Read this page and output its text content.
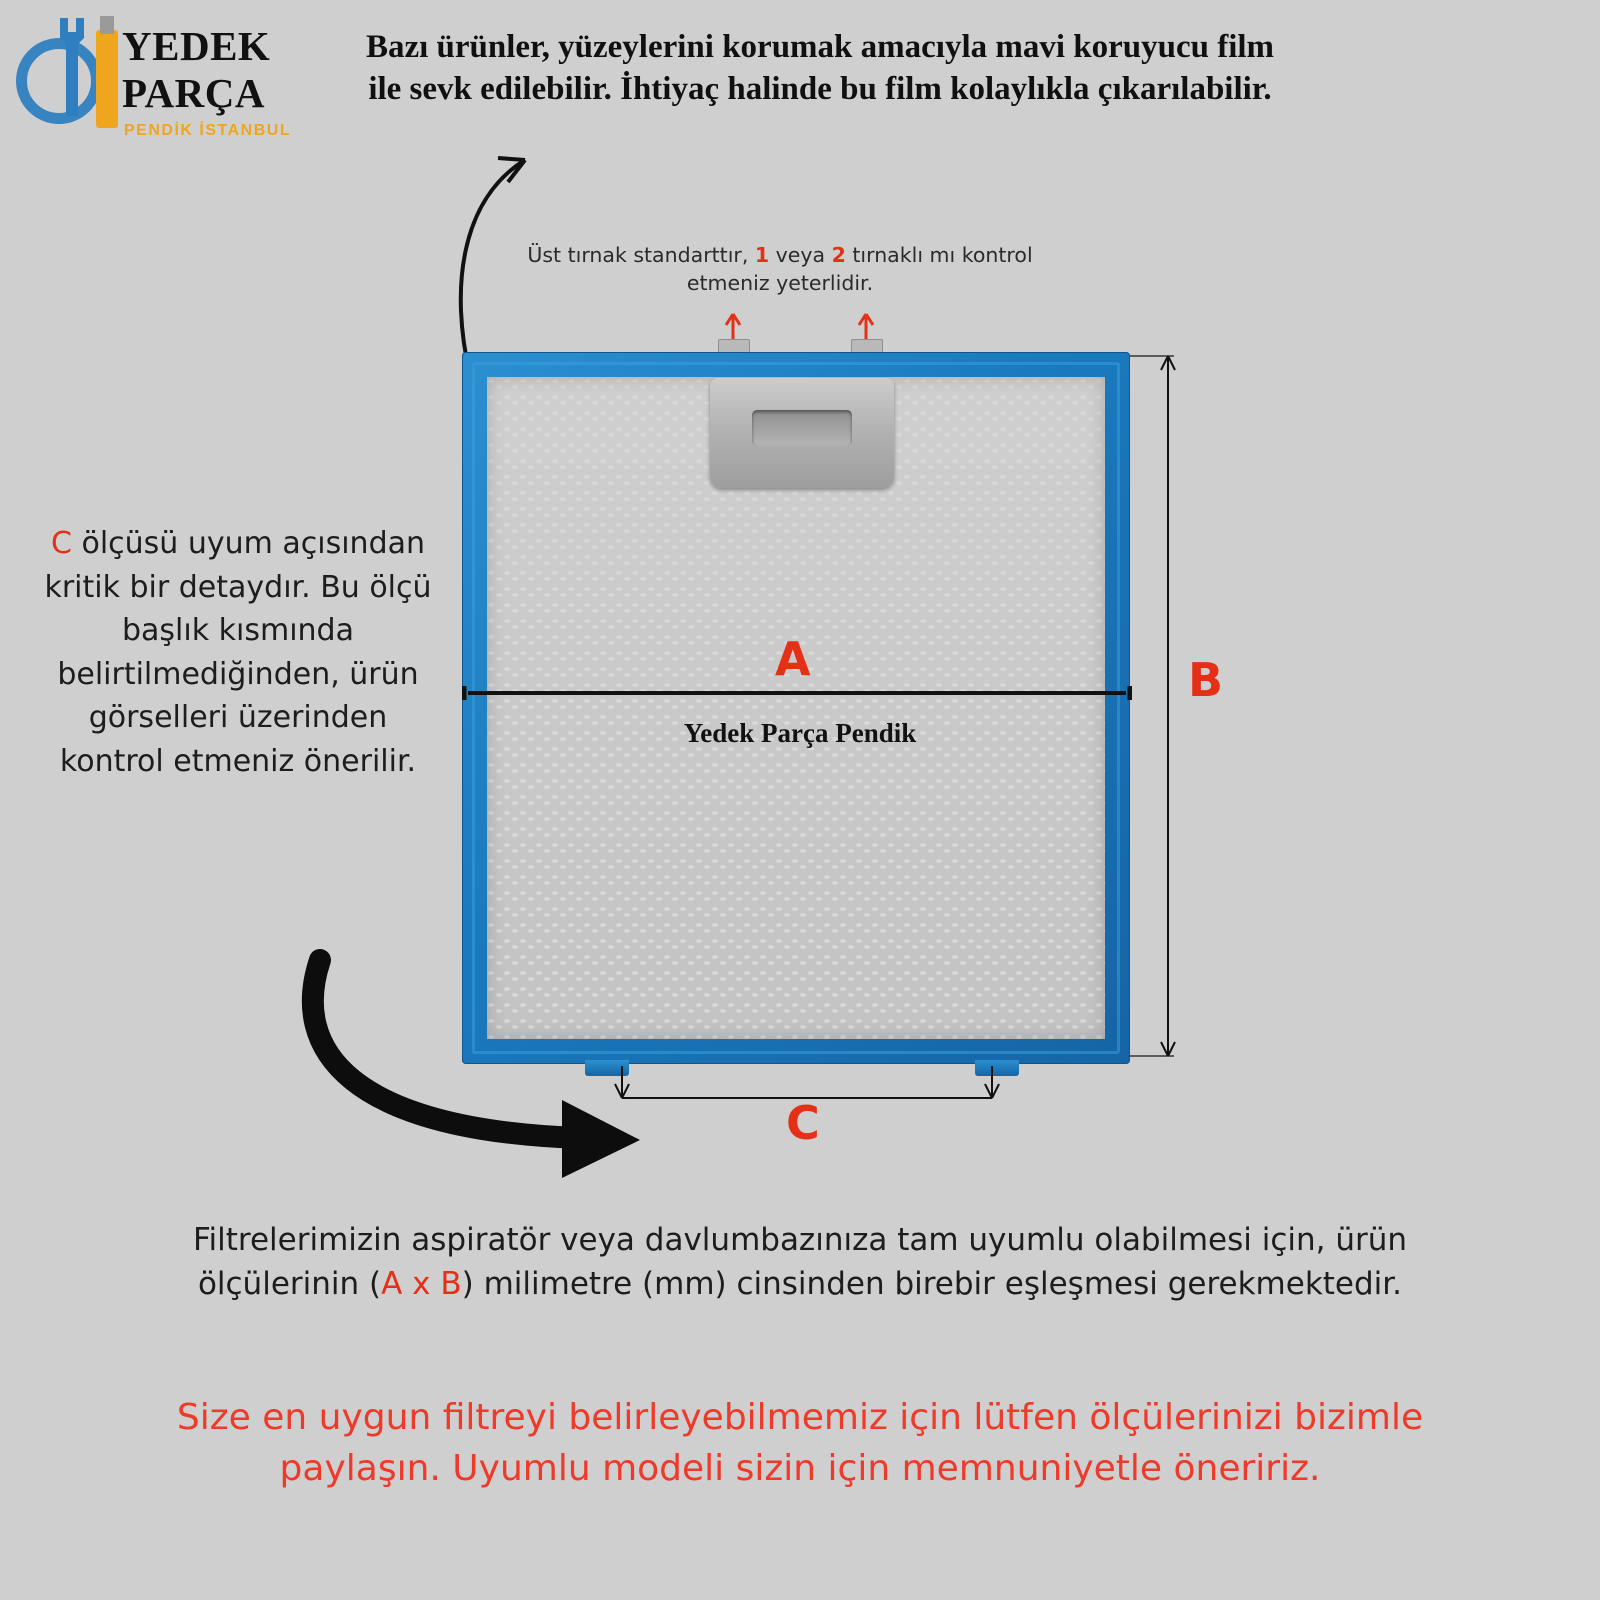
YEDEK
PARÇA
PENDİK İSTANBUL
Bazı ürünler, yüzeylerini korumak amacıyla mavi koruyucu film ile sevk edilebilir. İhtiyaç halinde bu film kolaylıkla çıkarılabilir.
Üst tırnak standarttır, 1 veya 2 tırnaklı mı kontrol etmeniz yeterlidir.
Yedek Parça Pendik
A	B
C
C ölçüsü uyum açısından kritik bir detaydır. Bu ölçü başlık kısmında belirtilmediğinden, ürün görselleri üzerinden kontrol etmeniz önerilir.
Filtrelerimizin aspiratör veya davlumbazınıza tam uyumlu olabilmesi için, ürün ölçülerinin (A x B) milimetre (mm) cinsinden birebir eşleşmesi gerekmektedir.
Size en uygun filtreyi belirleyebilmemiz için lütfen ölçülerinizi bizimle paylaşın. Uyumlu modeli sizin için memnuniyetle öneririz.
